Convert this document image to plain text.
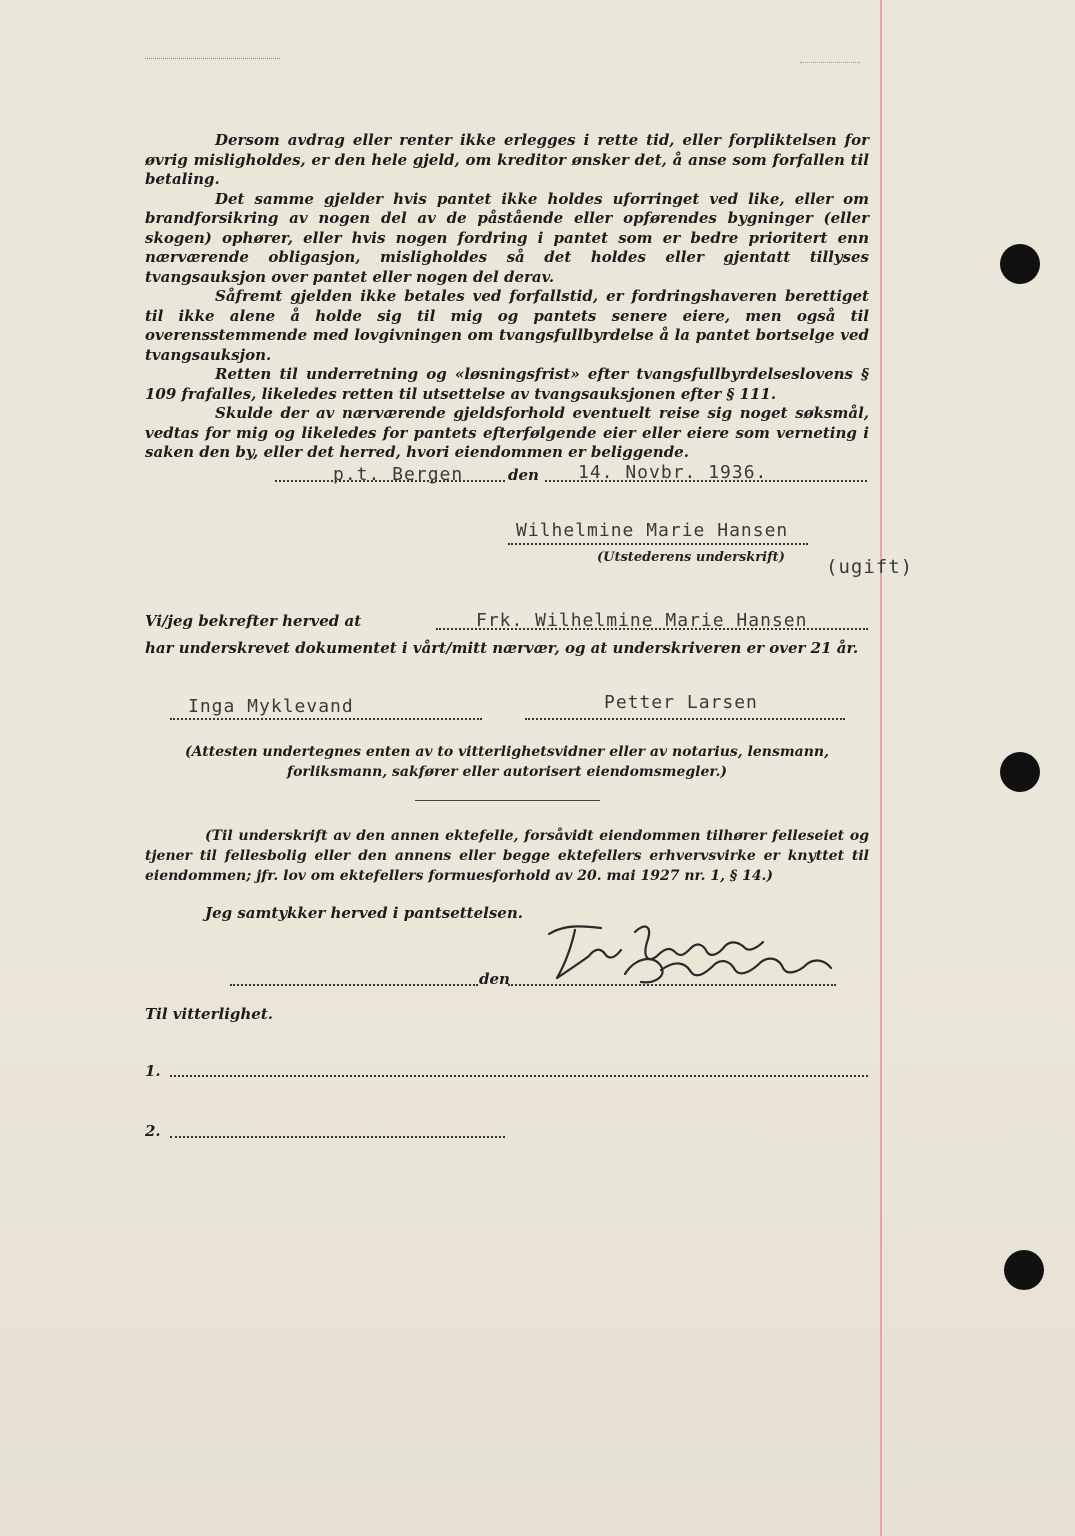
Dersom avdrag eller renter ikke erlegges i rette tid, eller forpliktelsen for øvrig misligholdes, er den hele gjeld, om kreditor ønsker det, å anse som forfallen til betaling.

Det samme gjelder hvis pantet ikke holdes uforringet ved like, eller om brandforsikring av nogen del av de påstående eller opførendes bygninger (eller skogen) ophører, eller hvis nogen fordring i pantet som er bedre prioritert enn nærværende obligasjon, misligholdes så det holdes eller gjentatt tillyses tvangsauksjon over pantet eller nogen del derav.

Såfremt gjelden ikke betales ved forfallstid, er fordringshaveren berettiget til ikke alene å holde sig til mig og pantets senere eiere, men også til overensstemmende med lovgivningen om tvangsfullbyrdelse å la pantet bortselge ved tvangsauksjon.

Retten til underretning og «løsningsfrist» efter tvangsfullbyrdelseslovens § 109 frafalles, likeledes retten til utsettelse av tvangsauksjonen efter § 111.

Skulde der av nærværende gjeldsforhold eventuelt reise sig noget søksmål, vedtas for mig og likeledes for pantets efterfølgende eier eller eiere som verneting i saken den by, eller det herred, hvori eiendommen er beliggende.

p.t. Bergen	den 14. Novbr. 1936.
Wilhelmine Marie Hansen
(Utstederens underskrift) (ugift)
Vi/jeg bekrefter herved at	Frk. Wilhelmine Marie Hansen
har underskrevet dokumentet i vårt/mitt nærvær, og at underskriveren er over 21 år.
Inga Myklevand	Petter Larsen
(Attesten undertegnes enten av to vitterlighetsvidner eller av notarius, lensmann, forliksmann, sakfører eller autorisert eiendomsmegler.)

(Til underskrift av den annen ektefelle, forsåvidt eiendommen tilhører felleseiet og tjener til fellesbolig eller den annens eller begge ektefellers erhvervsvirke er knyttet til eiendommen; jfr. lov om ektefellers formuesforhold av 20. mai 1927 nr. 1, § 14.)

Jeg samtykker herved i pantsettelsen.
den
Til vitterlighet.
1.
2.
